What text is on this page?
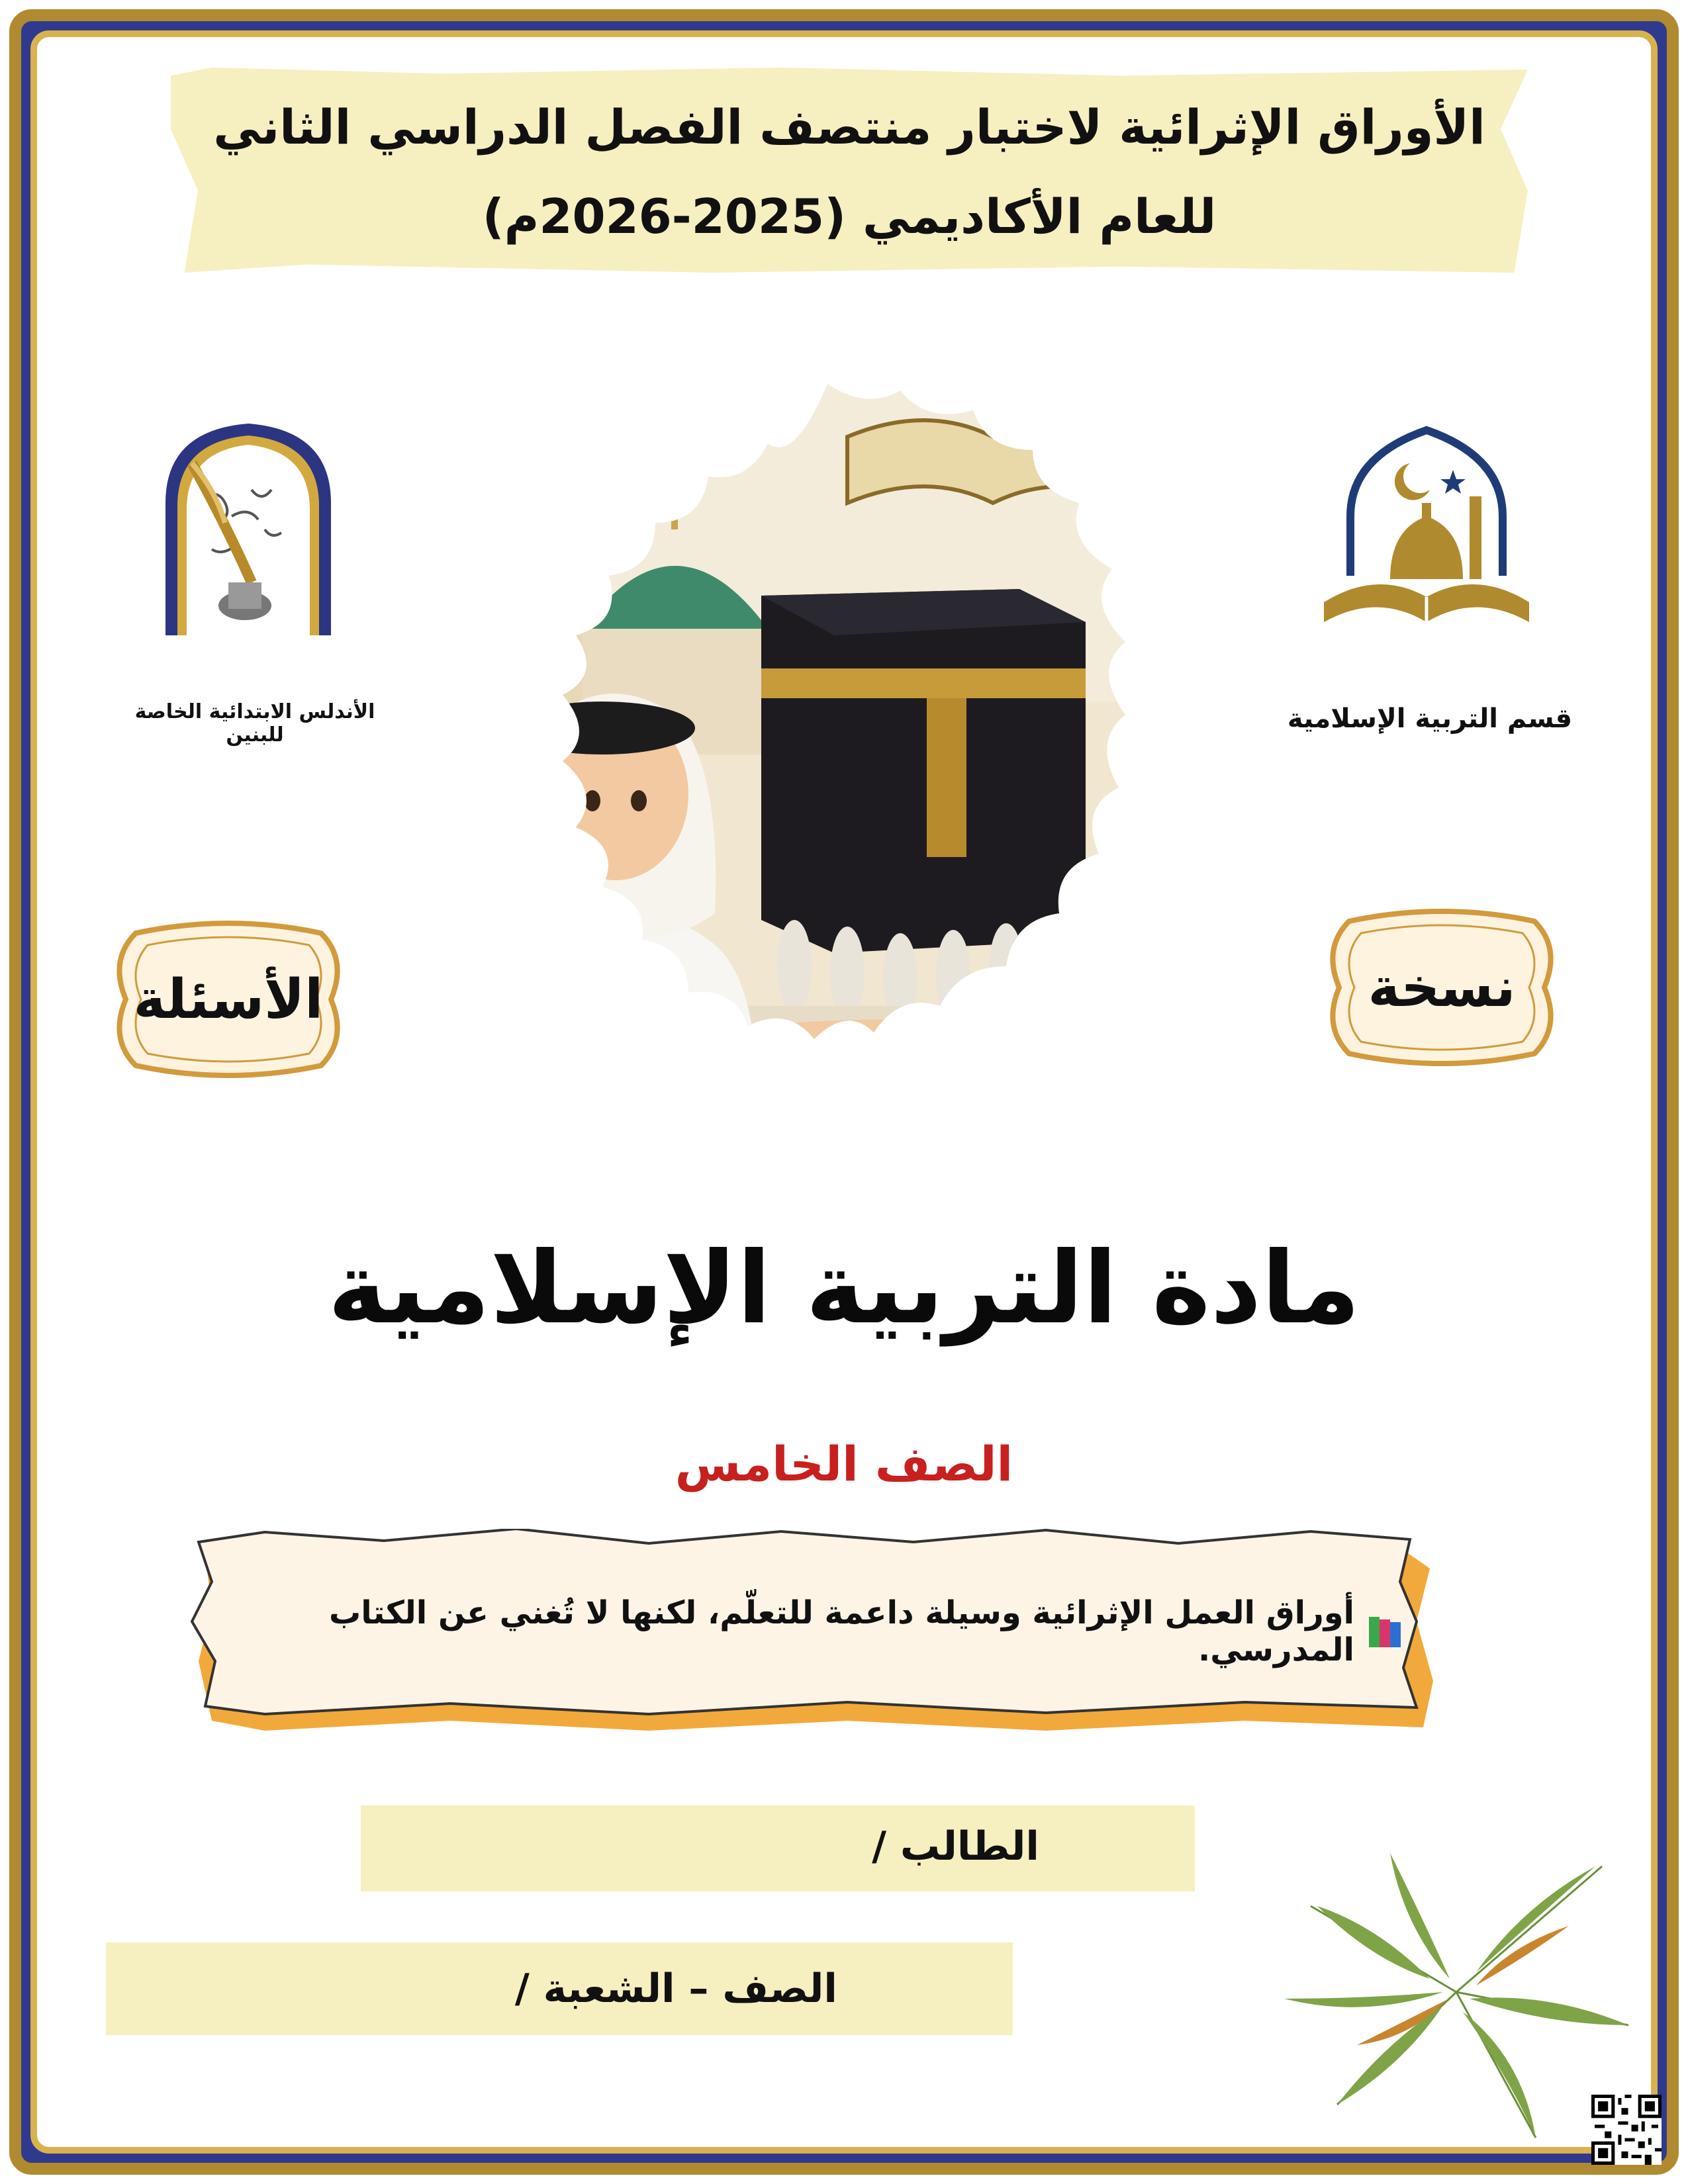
الأوراق الإثرائية لاختبار منتصف الفصل الدراسي الثاني
للعام الأكاديمي (2025-2026م)
الأندلس الابتدائية الخاصة للبنين
قسم التربية الإسلامية
الأسئلة	نسخة
مادة التربية الإسلامية
الصف الخامس
أوراق العمل الإثرائية وسيلة داعمة للتعلّم، لكنها لا تُغني عن الكتاب المدرسي.
الطالب /
الصف – الشعبة /
